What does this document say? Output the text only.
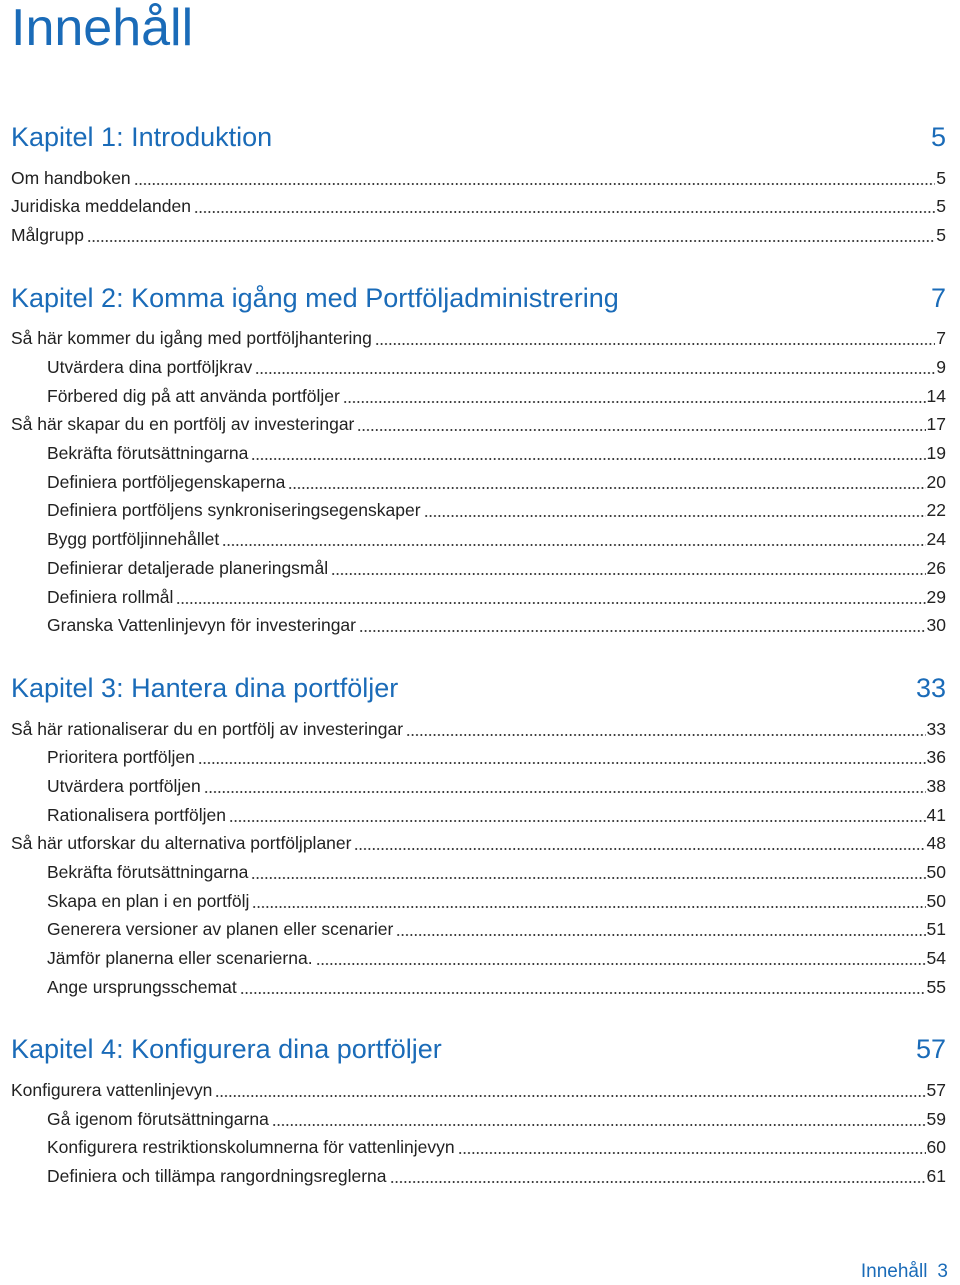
Innehåll
Kapitel 1: Introduktion	5
Om handboken	5
Juridiska meddelanden	5
Målgrupp	5
Kapitel 2: Komma igång med Portföljadministrering	7
Så här kommer du igång med portföljhantering	7
Utvärdera dina portföljkrav	9
Förbered dig på att använda portföljer	14
Så här skapar du en portfölj av investeringar	17
Bekräfta förutsättningarna	19
Definiera portföljegenskaperna	20
Definiera portföljens synkroniseringsegenskaper	22
Bygg portföljinnehållet	24
Definierar detaljerade planeringsmål	26
Definiera rollmål	29
Granska Vattenlinjevyn för investeringar	30
Kapitel 3: Hantera dina portföljer	33
Så här rationaliserar du en portfölj av investeringar	33
Prioritera portföljen	36
Utvärdera portföljen	38
Rationalisera portföljen	41
Så här utforskar du alternativa portföljplaner	48
Bekräfta förutsättningarna	50
Skapa en plan i en portfölj	50
Generera versioner av planen eller scenarier	51
Jämför planerna eller scenarierna.	54
Ange ursprungsschemat	55
Kapitel 4: Konfigurera dina portföljer	57
Konfigurera vattenlinjevyn	57
Gå igenom förutsättningarna	59
Konfigurera restriktionskolumnerna för vattenlinjevyn	60
Definiera och tillämpa rangordningsreglerna	61
Innehåll 3
